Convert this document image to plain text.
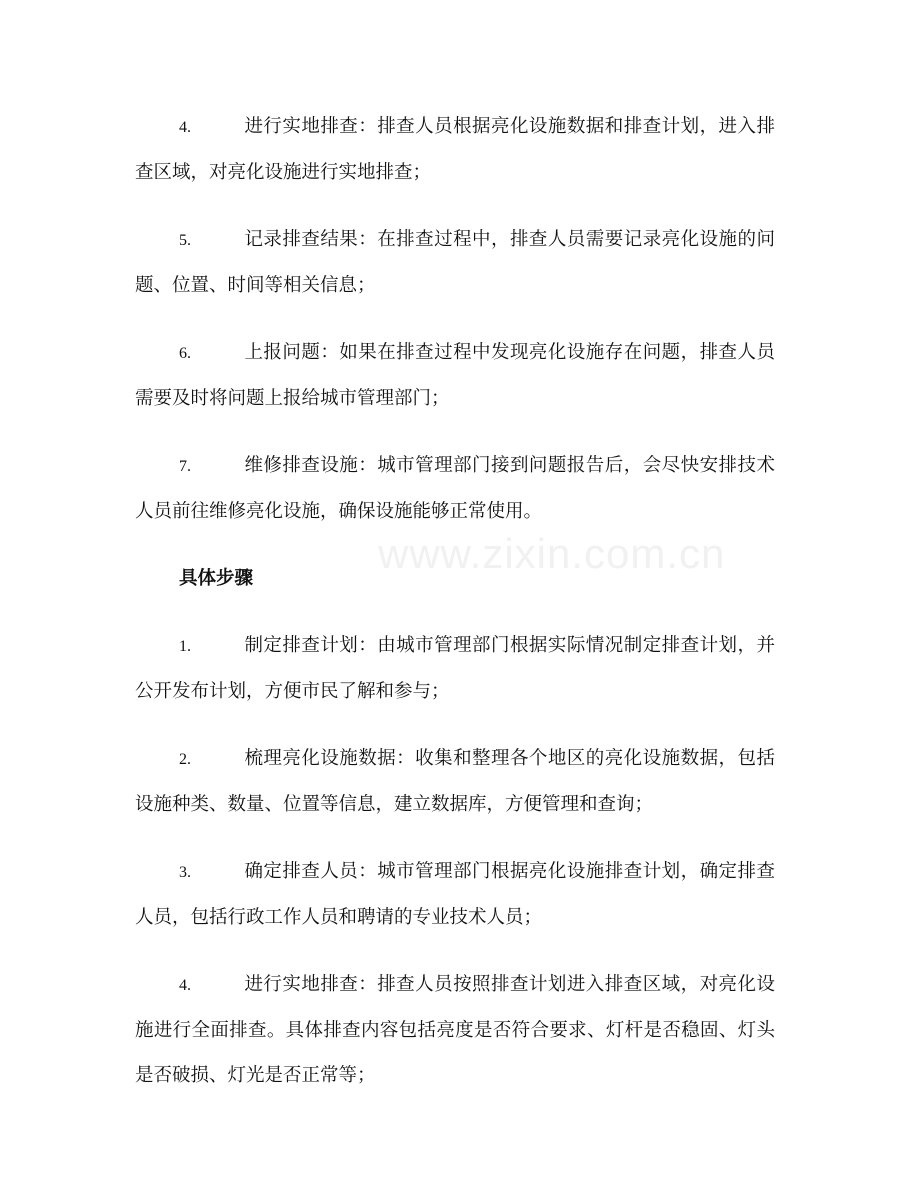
www.zixin.com.cn
4.	进行实地排查：排查人员根据亮化设施数据和排查计划，进入排查区域，对亮化设施进行实地排查；
5.	记录排查结果：在排查过程中，排查人员需要记录亮化设施的问题、位置、时间等相关信息；
6.	上报问题：如果在排查过程中发现亮化设施存在问题，排查人员需要及时将问题上报给城市管理部门；
7.	维修排查设施：城市管理部门接到问题报告后，会尽快安排技术人员前往维修亮化设施，确保设施能够正常使用。
具体步骤
1.	制定排查计划：由城市管理部门根据实际情况制定排查计划，并公开发布计划，方便市民了解和参与；
2.	梳理亮化设施数据：收集和整理各个地区的亮化设施数据，包括设施种类、数量、位置等信息，建立数据库，方便管理和查询；
3.	确定排查人员：城市管理部门根据亮化设施排查计划，确定排查人员，包括行政工作人员和聘请的专业技术人员；
4.	进行实地排查：排查人员按照排查计划进入排查区域，对亮化设施进行全面排查。具体排查内容包括亮度是否符合要求、灯杆是否稳固、灯头是否破损、灯光是否正常等；
